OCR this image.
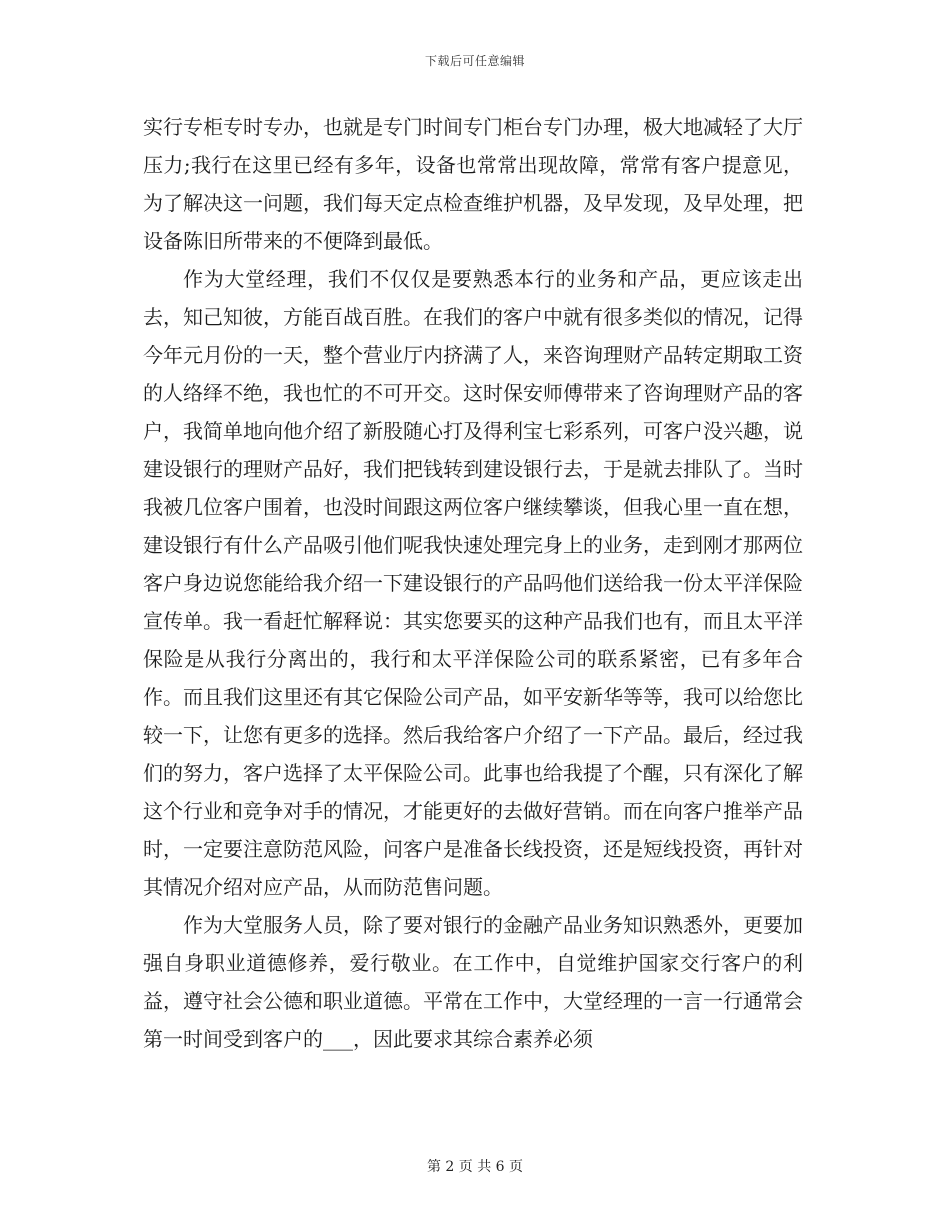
下载后可任意编辑

实行专柜专时专办，也就是专门时间专门柜台专门办理，极大地减轻了大厅压力;我行在这里已经有多年，设备也常常出现故障，常常有客户提意见，为了解决这一问题，我们每天定点检查维护机器，及早发现，及早处理，把设备陈旧所带来的不便降到最低。

作为大堂经理，我们不仅仅是要熟悉本行的业务和产品，更应该走出去，知己知彼，方能百战百胜。在我们的客户中就有很多类似的情况，记得今年元月份的一天，整个营业厅内挤满了人，来咨询理财产品转定期取工资的人络绎不绝，我也忙的不可开交。这时保安师傅带来了咨询理财产品的客户，我简单地向他介绍了新股随心打及得利宝七彩系列，可客户没兴趣，说建设银行的理财产品好，我们把钱转到建设银行去，于是就去排队了。当时我被几位客户围着，也没时间跟这两位客户继续攀谈，但我心里一直在想，建设银行有什么产品吸引他们呢我快速处理完身上的业务，走到刚才那两位客户身边说您能给我介绍一下建设银行的产品吗他们送给我一份太平洋保险宣传单。我一看赶忙解释说：其实您要买的这种产品我们也有，而且太平洋保险是从我行分离出的，我行和太平洋保险公司的联系紧密，已有多年合作。而且我们这里还有其它保险公司产品，如平安新华等等，我可以给您比较一下，让您有更多的选择。然后我给客户介绍了一下产品。最后，经过我们的努力，客户选择了太平保险公司。此事也给我提了个醒，只有深化了解这个行业和竞争对手的情况，才能更好的去做好营销。而在向客户推举产品时，一定要注意防范风险，问客户是准备长线投资，还是短线投资，再针对其情况介绍对应产品，从而防范售问题。

作为大堂服务人员，除了要对银行的金融产品业务知识熟悉外，更要加强自身职业道德修养，爱行敬业。在工作中，自觉维护国家交行客户的利益，遵守社会公德和职业道德。平常在工作中，大堂经理的一言一行通常会第一时间受到客户的___，因此要求其综合素养必须

第 2 页 共 6 页
